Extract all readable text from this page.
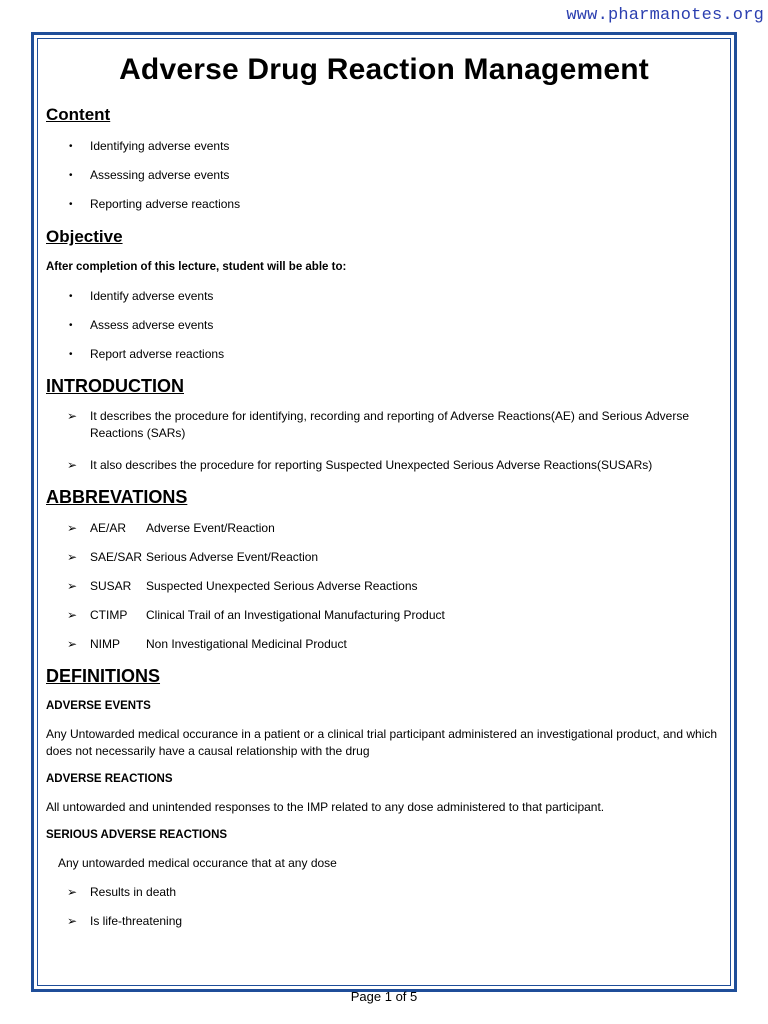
www.pharmanotes.org
Adverse Drug Reaction Management
Content
• Identifying adverse events
• Assessing adverse events
• Reporting adverse reactions
Objective

After completion of this lecture, student will be able to:

• Identify adverse events
• Assess adverse events
• Report adverse reactions
INTRODUCTION
➢ It describes the procedure for identifying, recording and reporting of Adverse Reactions(AE) and Serious Adverse Reactions (SARs)
➢ It also describes the procedure for reporting Suspected Unexpected Serious Adverse Reactions(SUSARs)
ABBREVATIONS
➢ AE/AR Adverse Event/Reaction
➢ SAE/SAR Serious Adverse Event/Reaction
➢ SUSAR Suspected Unexpected Serious Adverse Reactions
➢ CTIMP Clinical Trail of an Investigational Manufacturing Product
➢ NIMP Non Investigational Medicinal Product
DEFINITIONS

ADVERSE EVENTS

Any Untowarded medical occurance in a patient or a clinical trial participant administered an investigational product, and which does not necessarily have a causal relationship with the drug

ADVERSE REACTIONS

All untowarded and unintended responses to the IMP related to any dose administered to that participant.

SERIOUS ADVERSE REACTIONS

Any untowarded medical occurance that at any dose

➢ Results in death
➢ Is life-threatening
Page 1 of 5
